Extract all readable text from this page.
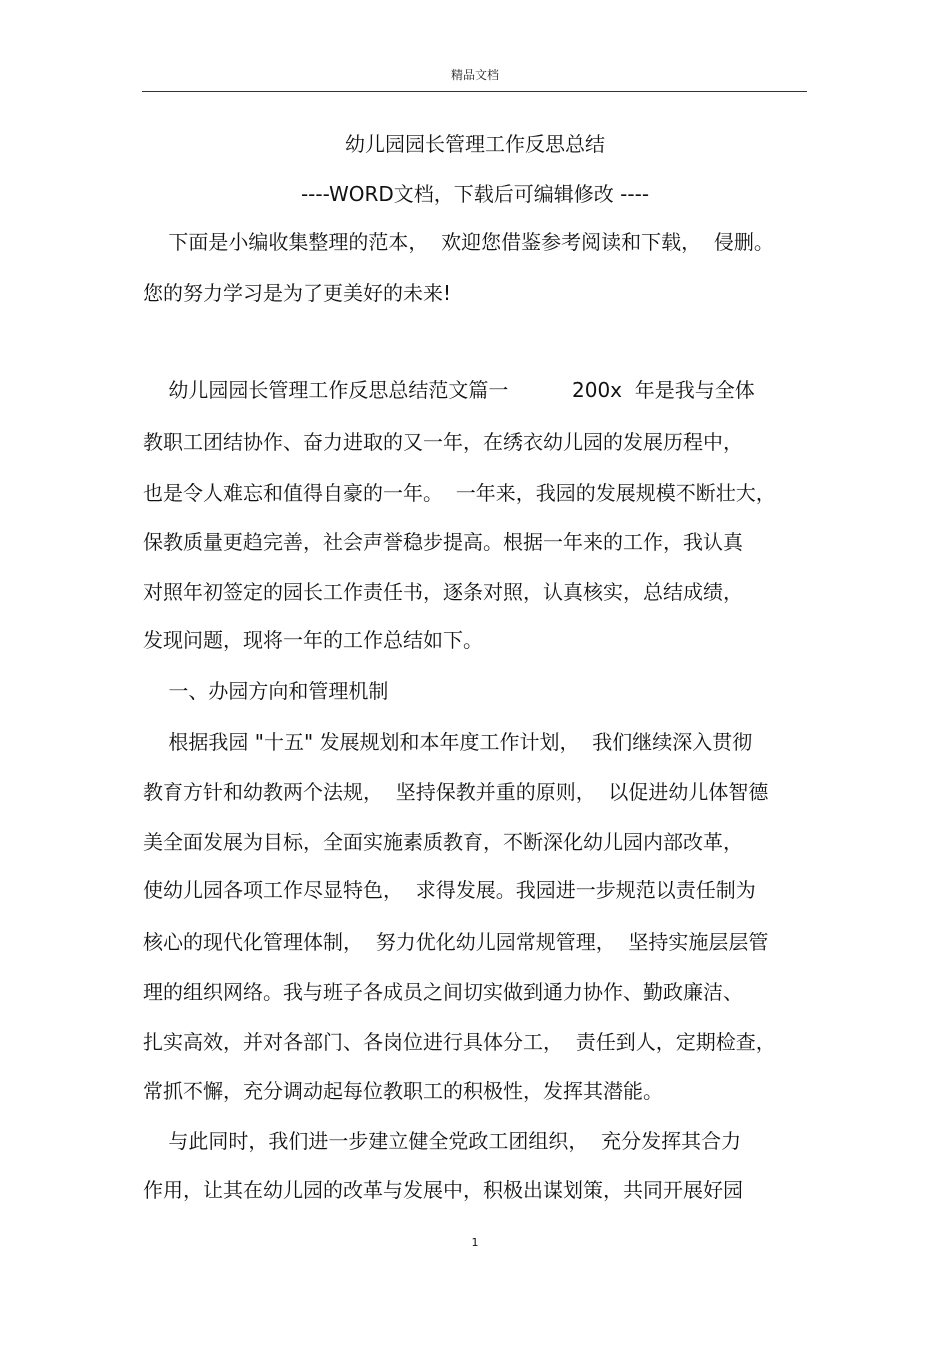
精品文档
幼儿园园长管理工作反思总结
----WORD文档，下载后可编辑修改 ----
下面是小编收集整理的范本，  欢迎您借鉴参考阅读和下载，  侵删。
您的努力学习是为了更美好的未来!
幼儿园园长管理工作反思总结范文篇一          200x  年是我与全体
教职工团结协作、奋力进取的又一年，在绣衣幼儿园的发展历程中，
也是令人难忘和值得自豪的一年。  一年来，我园的发展规模不断壮大，
保教质量更趋完善，社会声誉稳步提高。根据一年来的工作，我认真
对照年初签定的园长工作责任书，逐条对照，认真核实，总结成绩，
发现问题，现将一年的工作总结如下。
一、办园方向和管理机制
根据我园 "十五" 发展规划和本年度工作计划，  我们继续深入贯彻
教育方针和幼教两个法规，  坚持保教并重的原则，  以促进幼儿体智德
美全面发展为目标，全面实施素质教育，不断深化幼儿园内部改革，
使幼儿园各项工作尽显特色，  求得发展。我园进一步规范以责任制为
核心的现代化管理体制，  努力优化幼儿园常规管理，  坚持实施层层管
理的组织网络。我与班子各成员之间切实做到通力协作、勤政廉洁、
扎实高效，并对各部门、各岗位进行具体分工，  责任到人，定期检查，
常抓不懈，充分调动起每位教职工的积极性，发挥其潜能。
与此同时，我们进一步建立健全党政工团组织，  充分发挥其合力
作用，让其在幼儿园的改革与发展中，积极出谋划策，共同开展好园
1
